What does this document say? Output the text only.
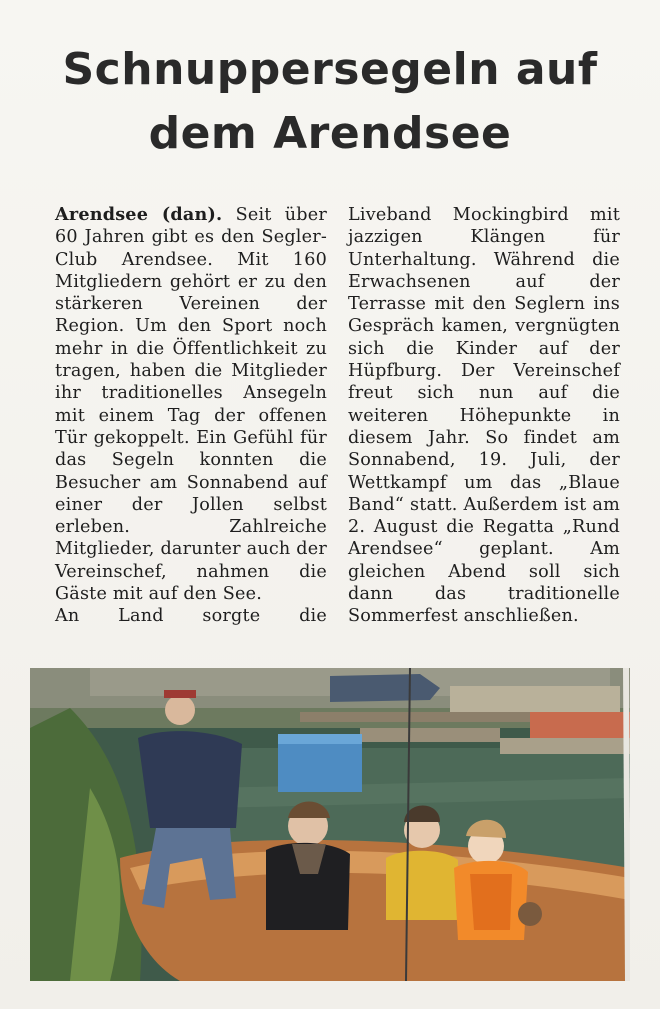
Schnuppersegeln auf
dem Arendsee

Arendsee (dan). Seit über 60 Jahren gibt es den Segler-Club Arendsee. Mit 160 Mitgliedern gehört er zu den stärkeren Vereinen der Region. Um den Sport noch mehr in die Öffentlichkeit zu tragen, haben die Mitglieder ihr traditionelles Ansegeln mit einem Tag der offenen Tür gekoppelt. Ein Gefühl für das Segeln konnten die Besucher am Sonnabend auf einer der Jollen selbst erleben. Zahlreiche Mitglieder, darunter auch der Vereinschef, nahmen die Gäste mit auf den See.

An Land sorgte die

Liveband Mockingbird mit jazzigen Klängen für Unterhaltung. Während die Erwachsenen auf der Terrasse mit den Seglern ins Gespräch kamen, vergnügten sich die Kinder auf der Hüpfburg. Der Vereinschef freut sich nun auf die weiteren Höhepunkte in diesem Jahr. So findet am Sonnabend, 19. Juli, der Wettkampf um das „Blaue Band“ statt. Außerdem ist am 2. August die Regatta „Rund Arendsee“ geplant. Am gleichen Abend soll sich dann das traditionelle Sommerfest anschließen.
